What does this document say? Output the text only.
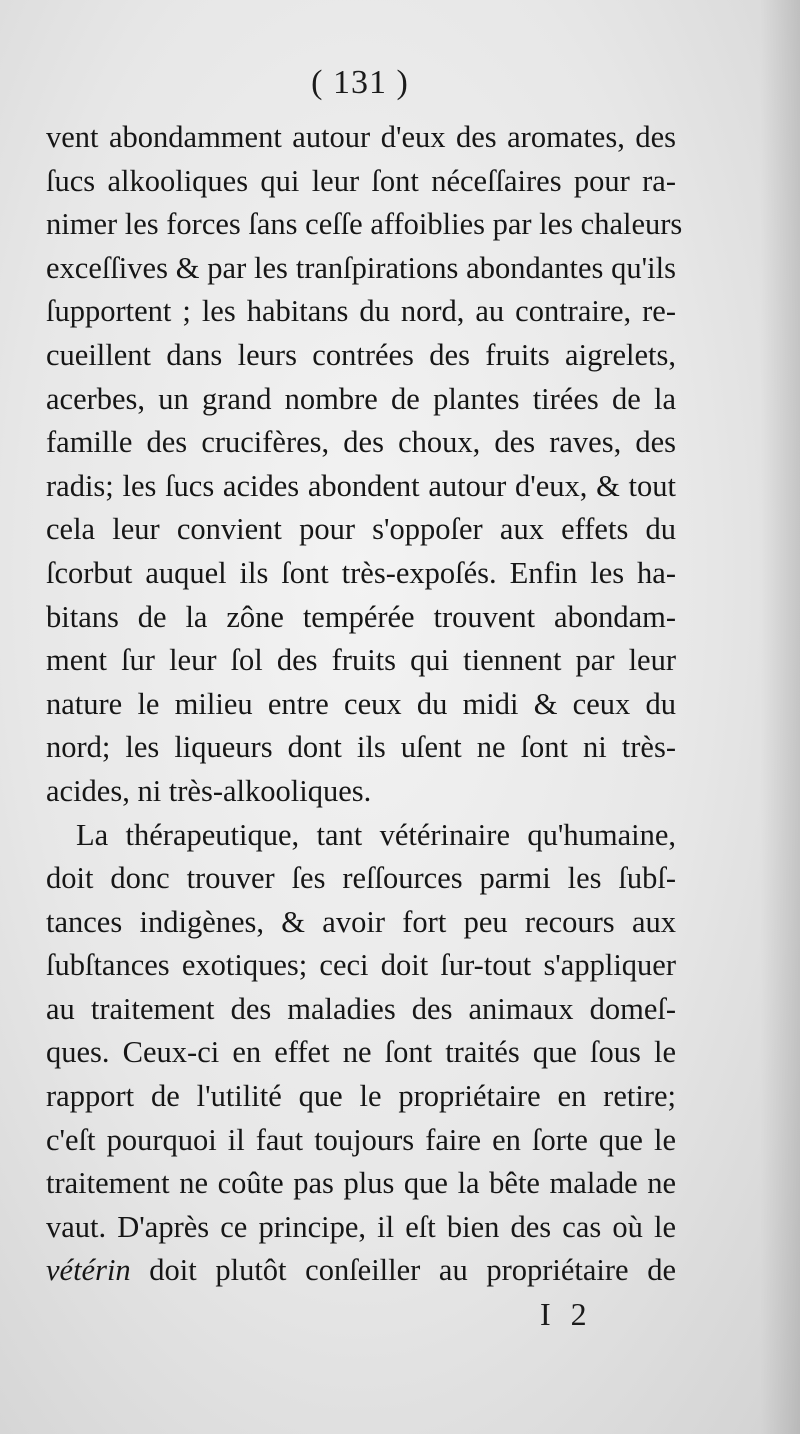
( 131 )
vent abondamment autour d'eux des aromates, des
ſucs alkooliques qui leur ſont néceſſaires pour ra-
nimer les forces ſans ceſſe affoiblies par les chaleurs
exceſſives & par les tranſpirations abondantes qu'ils
ſupportent ; les habitans du nord, au contraire, re-
cueillent dans leurs contrées des fruits aigrelets,
acerbes, un grand nombre de plantes tirées de la
famille des crucifères, des choux, des raves, des
radis; les ſucs acides abondent autour d'eux, & tout
cela leur convient pour s'oppoſer aux effets du
ſcorbut auquel ils ſont très-expoſés. Enfin les ha-
bitans de la zône tempérée trouvent abondam-
ment ſur leur ſol des fruits qui tiennent par leur
nature le milieu entre ceux du midi & ceux du
nord; les liqueurs dont ils uſent ne ſont ni très-
acides, ni très-alkooliques.
La thérapeutique, tant vétérinaire qu'humaine,
doit donc trouver ſes reſſources parmi les ſubſ-
tances indigènes, & avoir fort peu recours aux
ſubſtances exotiques; ceci doit ſur-tout s'appliquer
au traitement des maladies des animaux domeſ-
ques. Ceux-ci en effet ne ſont traités que ſous le
rapport de l'utilité que le propriétaire en retire;
c'eſt pourquoi il faut toujours faire en ſorte que le
traitement ne coûte pas plus que la bête malade ne
vaut. D'après ce principe, il eſt bien des cas où le
vétérin doit plutôt conſeiller au propriétaire de
I 2
